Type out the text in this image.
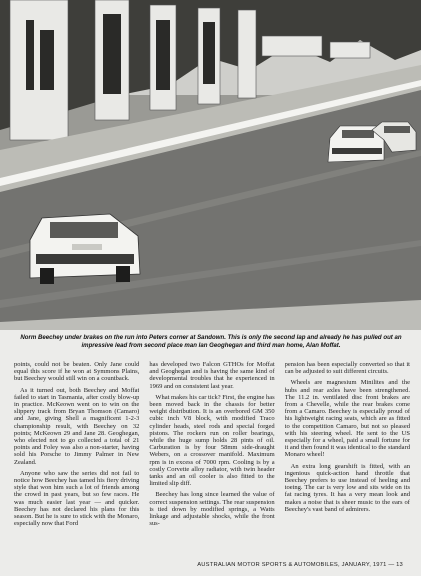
Norm Beechey under brakes on the run into Peters corner at Sandown. This is only the second lap and already he has pulled out an impressive lead from second place man Ian Geoghegan and third man home, Alan Moffat.

points, could not be beaten. Only Jane could equal this score if he won at Symmons Plains, but Beechey would still win on a countback.

As it turned out, both Beechey and Moffat failed to start in Tasmania, after costly blow-up in practice. McKeown went on to win on the slippery track from Bryan Thomson (Camaro) and Jane, giving Shell a magnificent 1-2-3 championship result, with Beechey on 32 points; McKeown 29 and Jane 28. Geoghegan, who elected not to go collected a total of 21 points and Foley was also a non-starter, having sold his Porsche to Jimmy Palmer in New Zealand.

Anyone who saw the series did not fail to notice how Beechey has tamed his fiery driving style that won him such a lot of friends among the crowd in past years, but so few races. He was much easier last year — and quicker. Beechey has not declared his plans for this season. But he is sure to stick with the Monaro, especially now that Ford

has developed two Falcon GTHOs for Moffat and Geoghegan and is having the same kind of developmental troubles that he experienced in 1969 and on consistent last year.

What makes his car tick? First, the engine has been moved back in the chassis for better weight distribution. It is an overbored GM 350 cubic inch V8 block, with modified Traco cylinder heads, steel rods and special forged pistons. The rockers run on roller bearings, while the huge sump holds 28 pints of oil. Carburation is by four 58mm side-draught Webers, on a crossover manifold. Maximum rpm is in excess of 7000 rpm. Cooling is by a costly Corvette alloy radiator, with twin header tanks and an oil cooler is also fitted to the limited slip diff.

Beechey has long since learned the value of correct suspension settings. The rear suspension is tied down by modified springs, a Watts linkage and adjustable shocks, while the front sus-

pension has been especially converted so that it can be adjusted to suit different circuits.

Wheels are magnesium Minilites and the hubs and rear axles have been strengthened. The 11.2 in. ventilated disc front brakes are from a Chevelle, while the rear brakes come from a Camaro. Beechey is especially proud of his lightweight racing seats, which are as fitted to the competition Camaro, but not so pleased with his steering wheel. He sent to the US especially for a wheel, paid a small fortune for it and then found it was identical to the standard Monaro wheel!

An extra long gearshift is fitted, with an ingenious quick-action hand throttle that Beechey prefers to use instead of heeling and toeing. The car is very low and sits wide on its fat racing tyres. It has a very mean look and makes a noise that is sheer music to the ears of Beechey's vast band of admirers.

AUSTRALIAN MOTOR SPORTS & AUTOMOBILES, JANUARY, 1971 — 13
